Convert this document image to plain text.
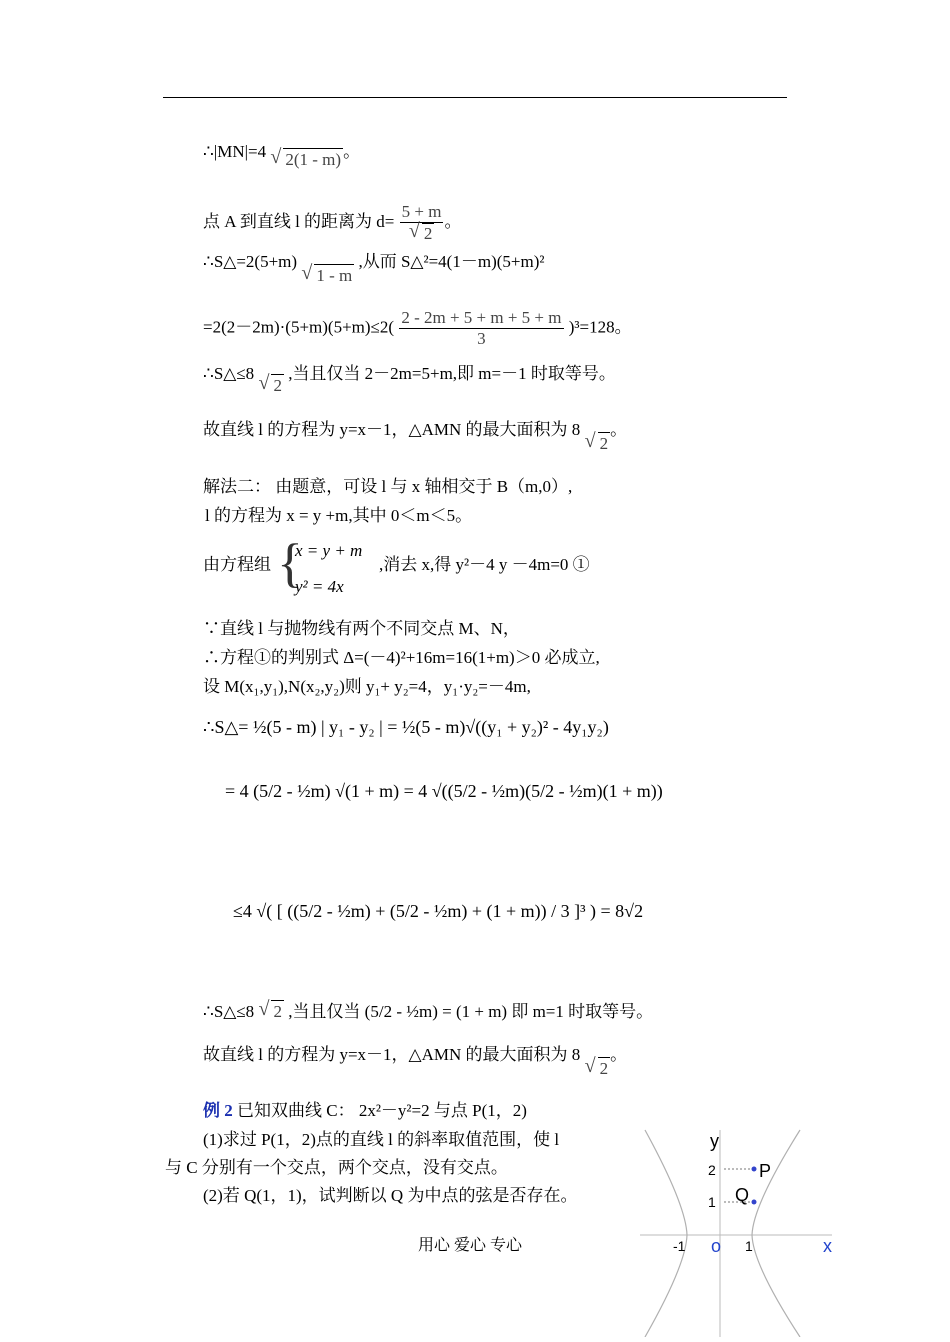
∴|MN|=4 √ 2(1 - m) 。
点 A 到直线 l 的距离为 d= 5 + m
√ 2 。
∴S△=2(5+m) √ 1 - m ,从而 S△²=4(1－m)(5+m)²
$=2(2-2m)\cdot(5+m)(5+m)\le 2( \frac{2 - 2m + 5 + m + 5 + m}{3} )^3=128$。
∴S△≤8 √ 2 ,当且仅当 2－2m=5+m,即 m=－1 时取等号。
故直线 l 的方程为 y=x－1，△AMN 的最大面积为 8 √ 2。
解法二： 由题意，可设 l 与 x 轴相交于 B（m,0）,
l 的方程为 x = y +m,其中 0＜m＜5。
由方程组 {
x = y + m
y² = 4x
,消去 x,得 y²－4 y －4m=0 ①
∵直线 l 与抛物线有两个不同交点 M、N，
∴方程①的判别式 Δ=(－4)²+16m=16(1+m)＞0 必成立,
设 M(x₁,y₁),N(x₂,y₂)则 y₁+ y₂=4，y₁·y₂=－4m,
∴S△= ½(5 - m) | y₁ - y₂ | = ½(5 - m)√((y₁ + y₂)² - 4y₁y₂)
= 4 (5/2 - ½m) √(1 + m) = 4 √((5/2 - ½m)(5/2 - ½m)(1 + m))
≤4 √( [ ((5/2 - ½m) + (5/2 - ½m) + (1 + m)) / 3 ]³ ) = 8√2
∴S△≤8 √ 2 ,当且仅当 (5/2 - ½m) = (1 + m) 即 m=1 时取等号。
故直线 l 的方程为 y=x－1，△AMN 的最大面积为 8 √ 2。
例 2 已知双曲线 C： 2x²－y²=2 与点 P(1，2)
(1)求过 P(1，2)点的直线 l 的斜率取值范围，使 l
与 C 分别有一个交点，两个交点，没有交点。
(2)若 Q(1，1)，试判断以 Q 为中点的弦是否存在。
用心 爱心 专心
y
x
o
-1	1
1
2 P
Q
